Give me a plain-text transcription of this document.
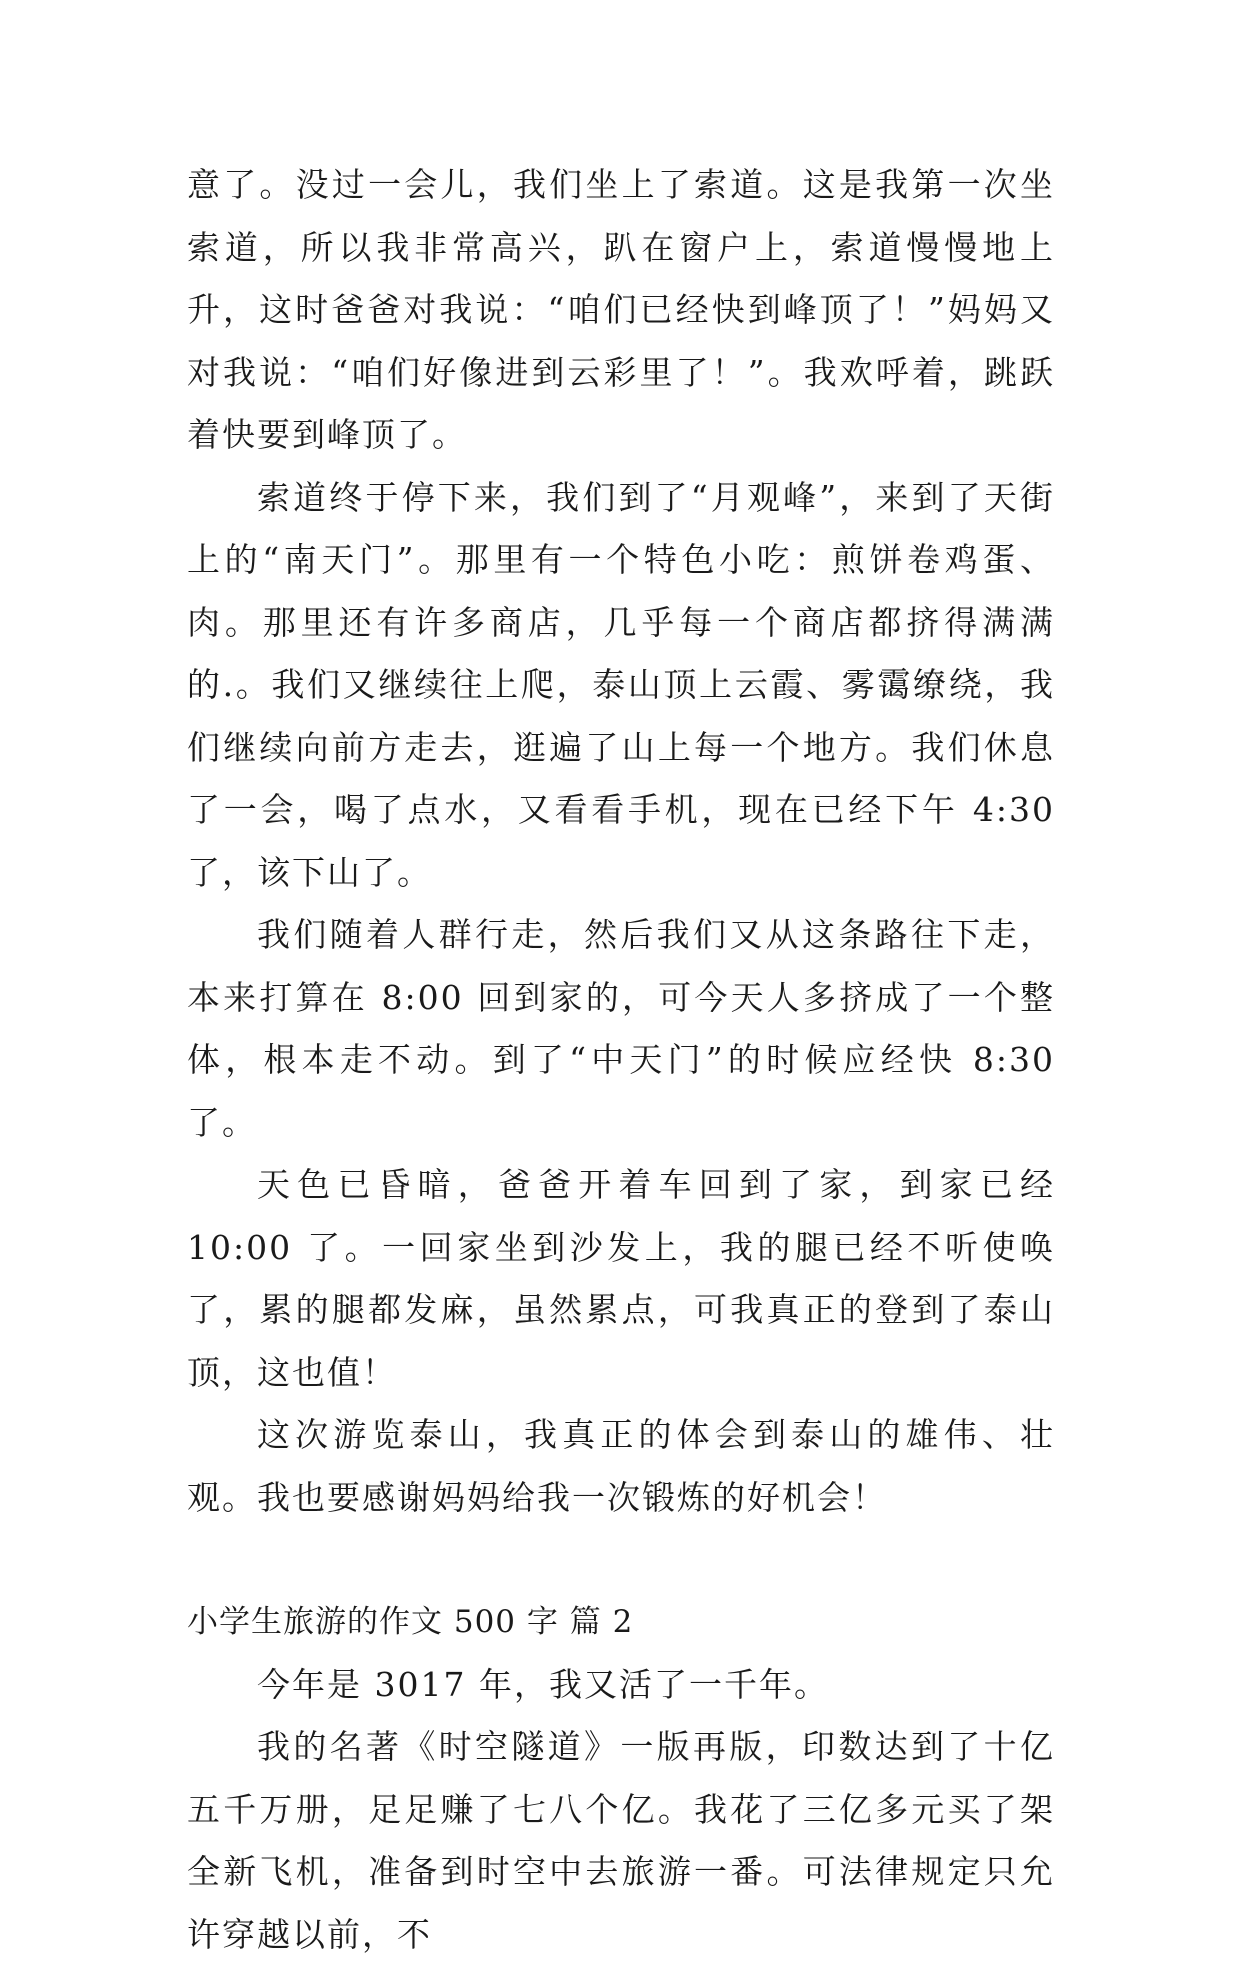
意了。没过一会儿，我们坐上了索道。这是我第一次坐索道，所以我非常高兴，趴在窗户上，索道慢慢地上升，这时爸爸对我说：“咱们已经快到峰顶了！”妈妈又对我说：“咱们好像进到云彩里了！”。我欢呼着，跳跃着快要到峰顶了。

索道终于停下来，我们到了“月观峰”，来到了天街上的“南天门”。那里有一个特色小吃：煎饼卷鸡蛋、肉。那里还有许多商店，几乎每一个商店都挤得满满的.。我们又继续往上爬，泰山顶上云霞、雾霭缭绕，我们继续向前方走去，逛遍了山上每一个地方。我们休息了一会，喝了点水，又看看手机，现在已经下午 4:30 了，该下山了。

我们随着人群行走，然后我们又从这条路往下走，本来打算在 8:00 回到家的，可今天人多挤成了一个整体，根本走不动。到了“中天门”的时候应经快 8:30 了。

天色已昏暗，爸爸开着车回到了家，到家已经 10:00 了。一回家坐到沙发上，我的腿已经不听使唤了，累的腿都发麻，虽然累点，可我真正的登到了泰山顶，这也值！

这次游览泰山，我真正的体会到泰山的雄伟、壮观。我也要感谢妈妈给我一次锻炼的好机会！

小学生旅游的作文 500 字 篇 2

今年是 3017 年，我又活了一千年。

我的名著《时空隧道》一版再版，印数达到了十亿五千万册，足足赚了七八个亿。我花了三亿多元买了架全新飞机，准备到时空中去旅游一番。可法律规定只允许穿越以前，不
